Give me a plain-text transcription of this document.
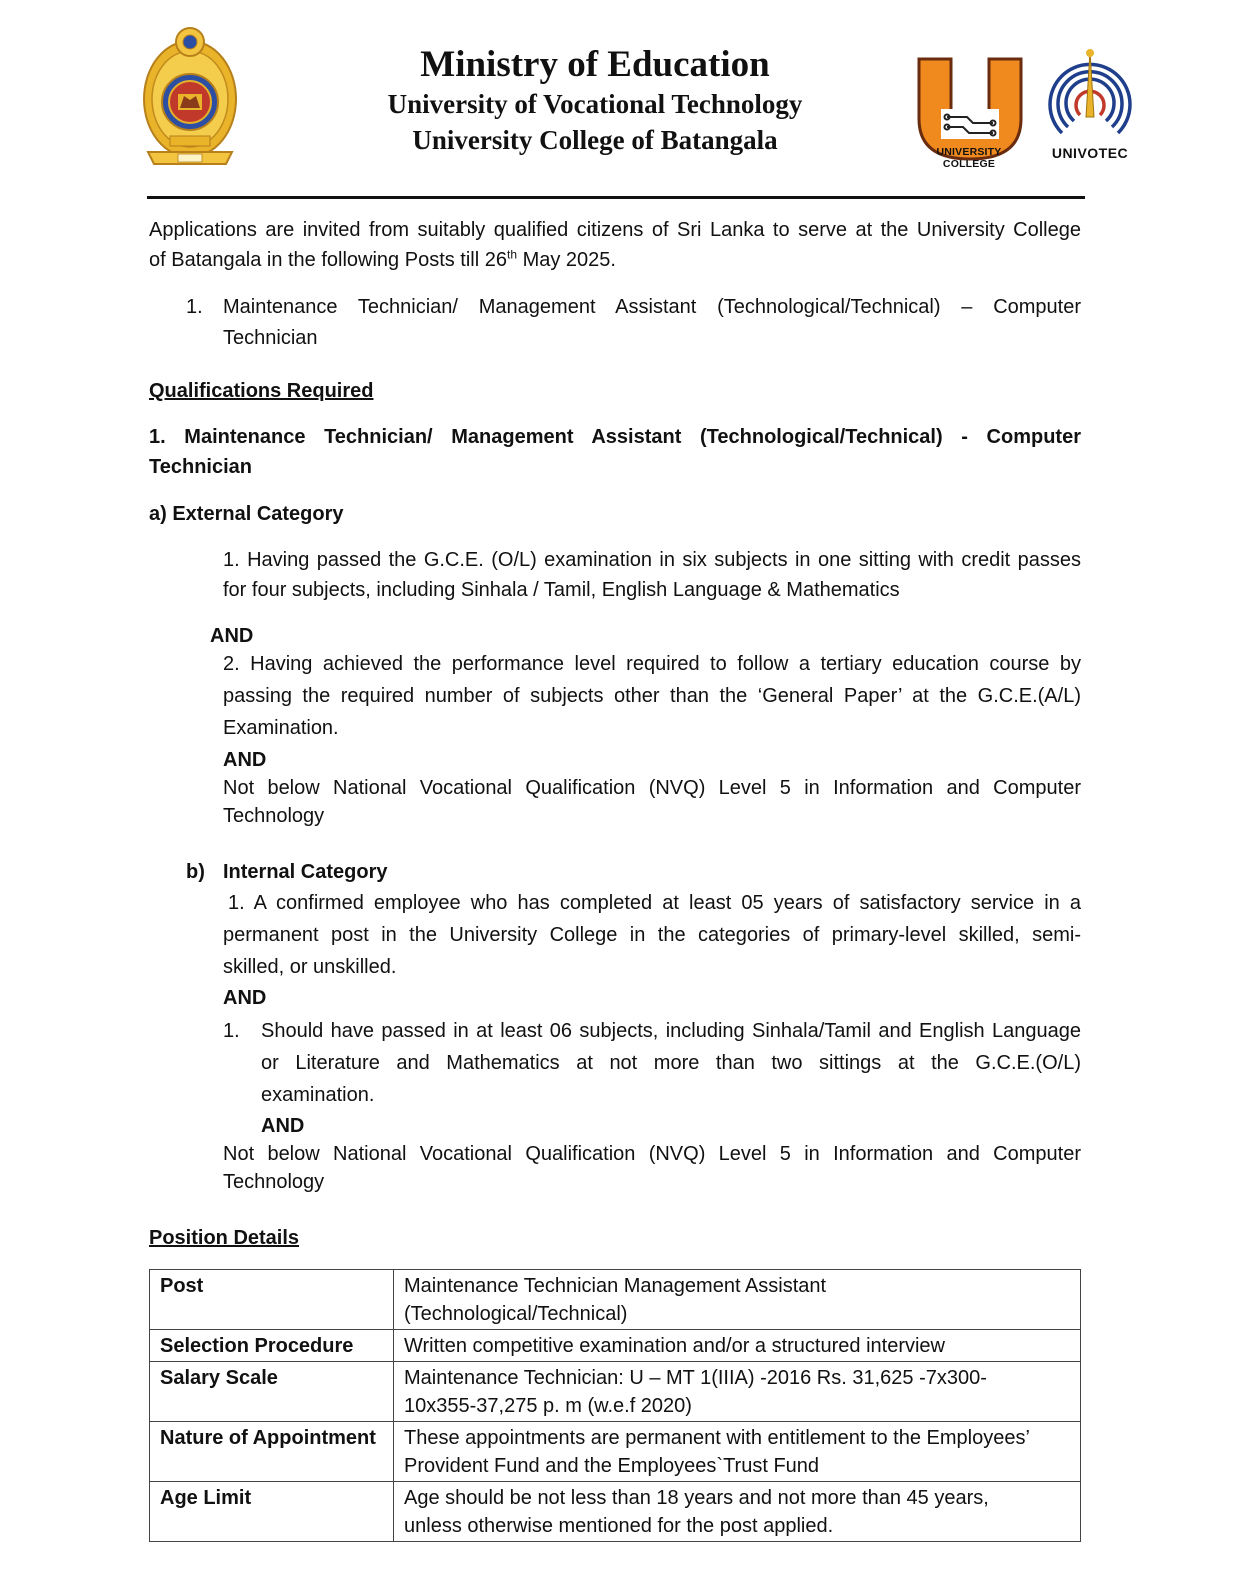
Ministry of Education
University of Vocational Technology
University College of Batangala	UNIVERSITY COLLEGE
UNIVOTEC
Applications are invited from suitably qualified citizens of Sri Lanka to serve at the University College
of Batangala in the following Posts till 26th May 2025.
1. Maintenance Technician/ Management Assistant (Technological/Technical) – Computer
Technician
Qualifications Required
1. Maintenance Technician/ Management Assistant (Technological/Technical) - Computer
Technician
a) External Category
1. Having passed the G.C.E. (O/L) examination in six subjects in one sitting with credit passes
for four subjects, including Sinhala / Tamil, English Language & Mathematics
AND
2. Having achieved the performance level required to follow a tertiary education course by
passing the required number of subjects other than the ‘General Paper’ at the G.C.E.(A/L)
Examination.
AND
Not below National Vocational Qualification (NVQ) Level 5 in Information and Computer
Technology
b) Internal Category
1. A confirmed employee who has completed at least 05 years of satisfactory service in a
permanent post in the University College in the categories of primary-level skilled, semi-
skilled, or unskilled.
AND
1. Should have passed in at least 06 subjects, including Sinhala/Tamil and English Language
or Literature and Mathematics at not more than two sittings at the G.C.E.(O/L)
examination.
AND
Not below National Vocational Qualification (NVQ) Level 5 in Information and Computer
Technology
Position Details
Post	Maintenance Technician Management Assistant
(Technological/Technical)

Selection Procedure	Written competitive examination and/or a structured interview

Salary Scale	Maintenance Technician: U – MT 1(IIIA) -2016 Rs. 31,625 -7x300-
10x355-37,275 p. m (w.e.f 2020)

Nature of Appointment	These appointments are permanent with entitlement to the Employees’
Provident Fund and the Employees`Trust Fund

Age Limit	Age should be not less than 18 years and not more than 45 years,
unless otherwise mentioned for the post applied.
